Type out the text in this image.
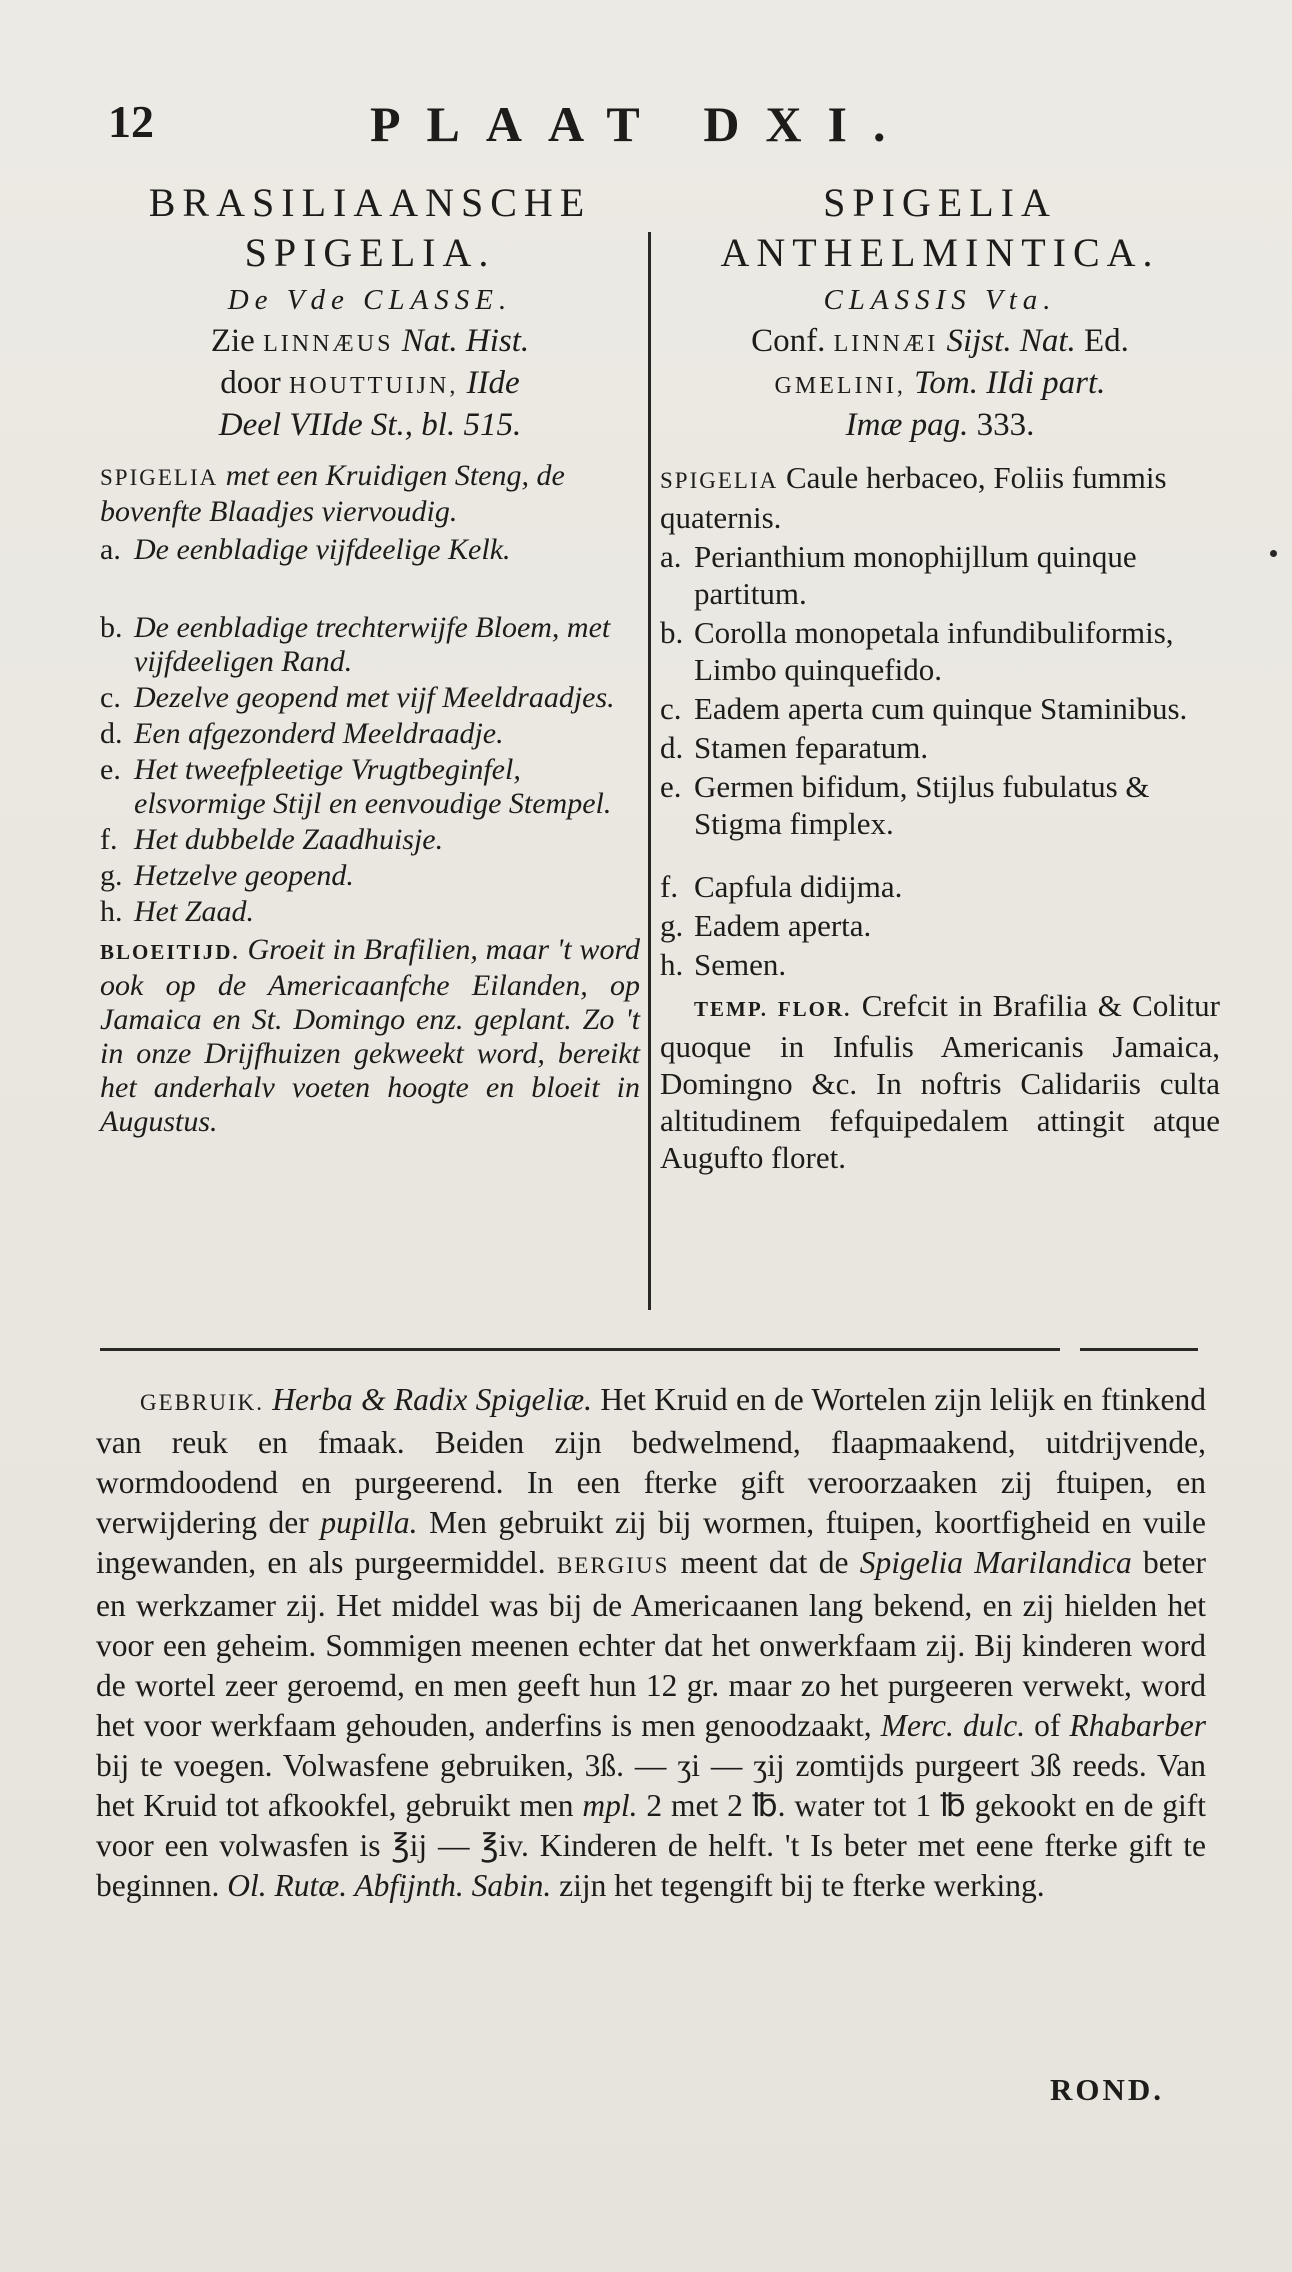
12	PLAAT DXI.
BRASILIAANSCHE
SPIGELIA.
De Vde CLASSE.
Zie LINNÆUS Nat. Hist.
door HOUTTUIJN, IIde
Deel VIIde St., bl. 515.
SPIGELIA met een Kruidigen Steng, de bovenfte Blaadjes viervoudig.
a. De eenbladige vijfdeelige Kelk.
b. De eenbladige trechterwijfe Bloem, met vijfdeeligen Rand.
c. Dezelve geopend met vijf Meeldraadjes.
d. Een afgezonderd Meeldraadje.
e. Het tweefpleetige Vrugtbeginfel, elsvormige Stijl en eenvoudige Stempel.
f. Het dubbelde Zaadhuisje.
g. Hetzelve geopend.
h. Het Zaad.
BLOEITIJD. Groeit in Brafilien, maar 't word ook op de Americaanfche Eilanden, op Jamaica en St. Domingo enz. geplant. Zo 't in onze Drijfhuizen gekweekt word, bereikt het anderhalv voeten hoogte en bloeit in Augustus.
SPIGELIA
ANTHELMINTICA.
CLASSIS Vta.
Conf. LINNÆI Sijst. Nat. Ed.
GMELINI, Tom. IIdi part.
Imæ pag. 333.
SPIGELIA Caule herbaceo, Foliis fummis quaternis.
a. Perianthium monophijllum quinque partitum.
b. Corolla monopetala infundibuliformis, Limbo quinquefido.
c. Eadem aperta cum quinque Staminibus.
d. Stamen feparatum.
e. Germen bifidum, Stijlus fubulatus & Stigma fimplex.
f. Capfula didijma.
g. Eadem aperta.
h. Semen.
TEMP. FLOR. Crefcit in Brafilia & Colitur quoque in Infulis Americanis Jamaica, Domingno &c. In noftris Calidariis culta altitudinem fefquipedalem attingit atque Augufto floret.
GEBRUIK. Herba & Radix Spigeliæ. Het Kruid en de Wortelen zijn lelijk en ftinkend van reuk en fmaak. Beiden zijn bedwelmend, flaapmaakend, uitdrijvende, wormdoodend en purgeerend. In een fterke gift veroorzaaken zij ftuipen, en verwijdering der pupilla. Men gebruikt zij bij wormen, ftuipen, koortfigheid en vuile ingewanden, en als purgeermiddel. BERGIUS meent dat de Spigelia Marilandica beter en werkzamer zij. Het middel was bij de Americaanen lang bekend, en zij hielden het voor een geheim. Sommigen meenen echter dat het onwerkfaam zij. Bij kinderen word de wortel zeer geroemd, en men geeft hun 12 gr. maar zo het purgeeren verwekt, word het voor werkfaam gehouden, anderfins is men genoodzaakt, Merc. dulc. of Rhabarber bij te voegen. Volwasfene gebruiken, 3ß. — ʒi — ʒij zomtijds purgeert 3ß reeds. Van het Kruid tot afkookfel, gebruikt men mpl. 2 met 2 ℔. water tot 1 ℔ gekookt en de gift voor een volwasfen is ℥ij — ℥iv. Kinderen de helft. 't Is beter met eene fterke gift te beginnen. Ol. Rutæ. Abfijnth. Sabin. zijn het tegengift bij te fterke werking.
ROND.
